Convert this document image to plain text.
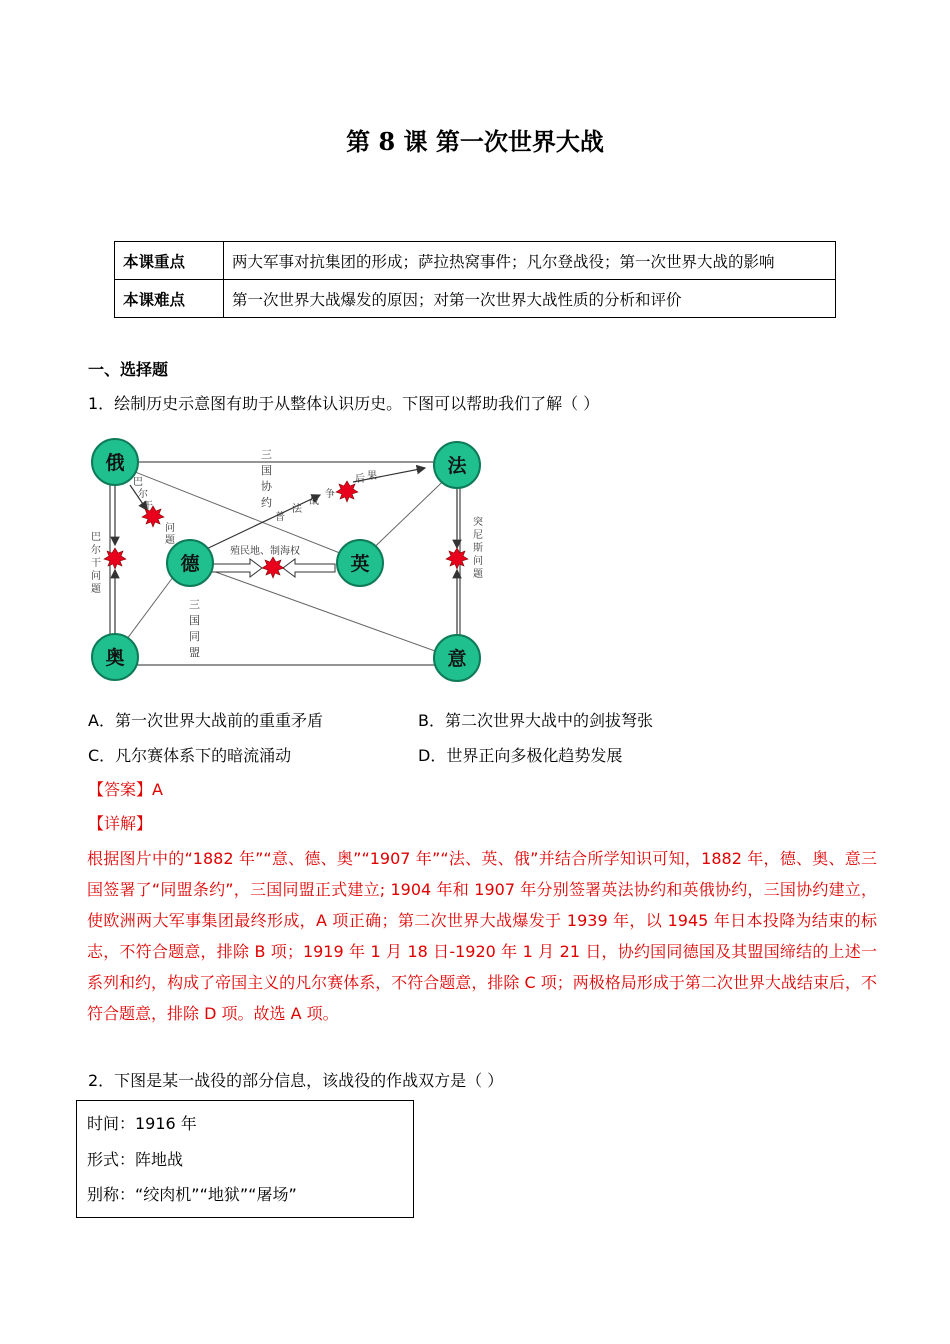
第 8 课 第一次世界大战
本课重点	两大军事对抗集团的形成；萨拉热窝事件；凡尔登战役；第一次世界大战的影响
本课难点	第一次世界大战爆发的原因；对第一次世界大战性质的分析和评价
一、选择题
1．绘制历史示意图有助于从整体认识历史。下图可以帮助我们了解（ ）
三国协约
三国同盟
巴尔干问题
巴尔干问题
突尼斯问题
普法战争
后 果
殖民地、制海权
俄	法
德	英
奥	意
A．第一次世界大战前的重重矛盾	B．第二次世界大战中的剑拔弩张
C．凡尔赛体系下的暗流涌动	D．世界正向多极化趋势发展
【答案】A
【详解】
根据图片中的“1882 年”“意、德、奥”“1907 年”“法、英、俄”并结合所学知识可知，1882 年，德、奥、意三国签署了“同盟条约”，三国同盟正式建立; 1904 年和 1907 年分别签署英法协约和英俄协约，三国协约建立，使欧洲两大军事集团最终形成，A 项正确；第二次世界大战爆发于 1939 年，以 1945 年日本投降为结束的标志，不符合题意，排除 B 项；1919 年 1 月 18 日-1920 年 1 月 21 日，协约国同德国及其盟国缔结的上述一系列和约，构成了帝国主义的凡尔赛体系，不符合题意，排除 C 项；两极格局形成于第二次世界大战结束后，不符合题意，排除 D 项。故选 A 项。
2．下图是某一战役的部分信息，该战役的作战双方是（ ）
时间：1916 年
形式：阵地战
别称：“绞肉机”“地狱”“屠场”
